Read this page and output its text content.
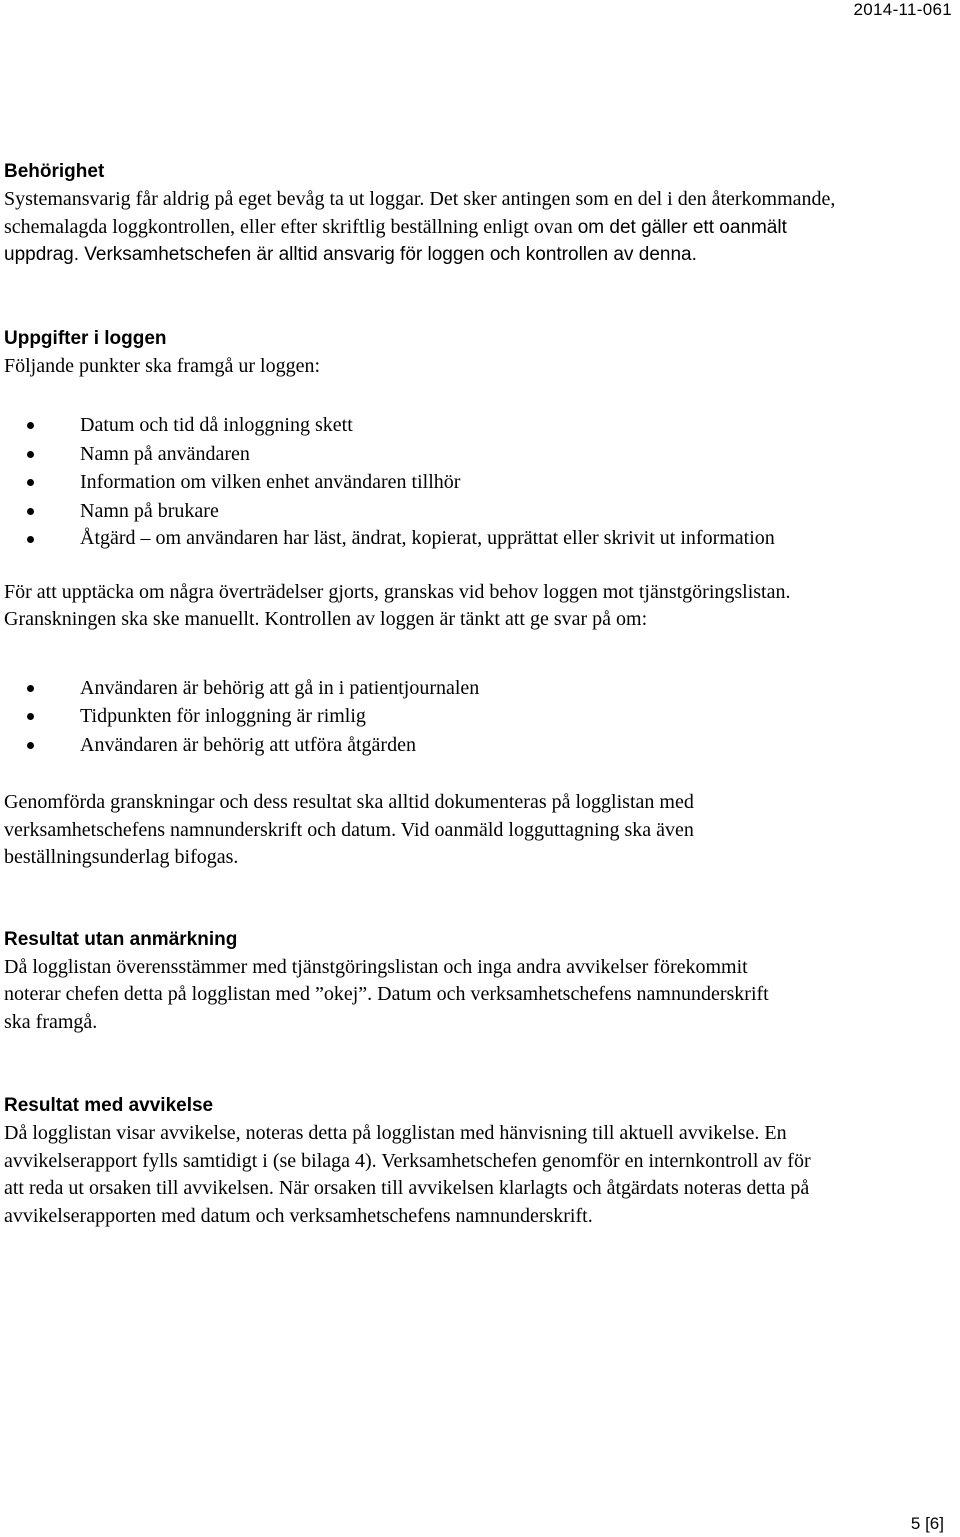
2014-11-061
Behörighet

Systemansvarig får aldrig på eget bevåg ta ut loggar. Det sker antingen som en del i den återkommande, schemalagda loggkontrollen, eller efter skriftlig beställning enligt ovan om det gäller ett oanmält uppdrag. Verksamhetschefen är alltid ansvarig för loggen och kontrollen av denna.

Uppgifter i loggen

Följande punkter ska framgå ur loggen:

Datum och tid då inloggning skett
Namn på användaren
Information om vilken enhet användaren tillhör
Namn på brukare
Åtgärd – om användaren har läst, ändrat, kopierat, upprättat eller skrivit ut information

För att upptäcka om några överträdelser gjorts, granskas vid behov loggen mot tjänstgöringslistan. Granskningen ska ske manuellt. Kontrollen av loggen är tänkt att ge svar på om:

Användaren är behörig att gå in i patientjournalen
Tidpunkten för inloggning är rimlig
Användaren är behörig att utföra åtgärden

Genomförda granskningar och dess resultat ska alltid dokumenteras på logglistan med verksamhetschefens namnunderskrift och datum. Vid oanmäld logguttagning ska även beställningsunderlag bifogas.

Resultat utan anmärkning

Då logglistan överensstämmer med tjänstgöringslistan och inga andra avvikelser förekommit noterar chefen detta på logglistan med ”okej”. Datum och verksamhetschefens namnunderskrift ska framgå.

Resultat med avvikelse

Då logglistan visar avvikelse, noteras detta på logglistan med hänvisning till aktuell avvikelse. En avvikelserapport fylls samtidigt i (se bilaga 4). Verksamhetschefen genomför en internkontroll av för att reda ut orsaken till avvikelsen. När orsaken till avvikelsen klarlagts och åtgärdats noteras detta på avvikelserapporten med datum och verksamhetschefens namnunderskrift.

5 [6]
